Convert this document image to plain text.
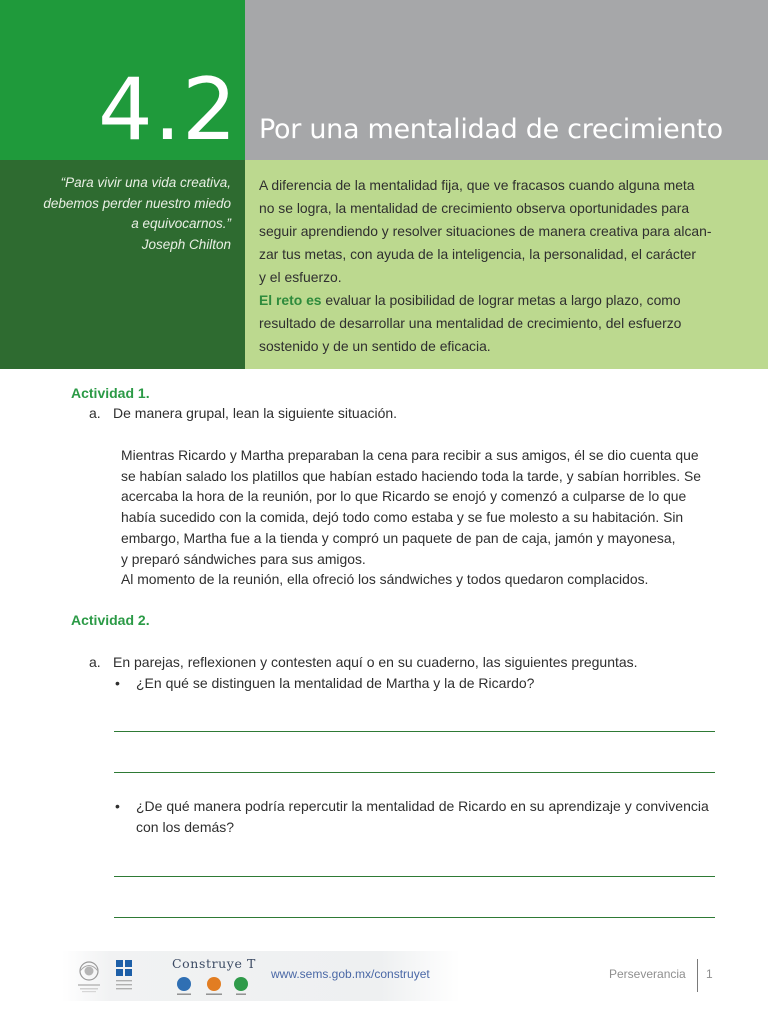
4.2 Por una mentalidad de crecimiento
“Para vivir una vida creativa,
debemos perder nuestro miedo
a equivocarnos.”
Joseph Chilton

A diferencia de la mentalidad fija, que ve fracasos cuando alguna meta

no se logra, la mentalidad de crecimiento observa oportunidades para

seguir aprendiendo y resolver situaciones de manera creativa para alcan-

zar tus metas, con ayuda de la inteligencia, la personalidad, el carácter

y el esfuerzo.

El reto es evaluar la posibilidad de lograr metas a largo plazo, como

resultado de desarrollar una mentalidad de crecimiento, del esfuerzo

sostenido y de un sentido de eficacia.

Actividad 1.
a. De manera grupal, lean la siguiente situación.
Mientras Ricardo y Martha preparaban la cena para recibir a sus amigos, él se dio cuenta que
se habían salado los platillos que habían estado haciendo toda la tarde, y sabían horribles. Se
acercaba la hora de la reunión, por lo que Ricardo se enojó y comenzó a culparse de lo que
había sucedido con la comida, dejó todo como estaba y se fue molesto a su habitación. Sin
embargo, Martha fue a la tienda y compró un paquete de pan de caja, jamón y mayonesa,
y preparó sándwiches para sus amigos.
Al momento de la reunión, ella ofreció los sándwiches y todos quedaron complacidos.
Actividad 2.
a. En parejas, reflexionen y contesten aquí o en su cuaderno, las siguientes preguntas.
• ¿En qué se distinguen la mentalidad de Martha y la de Ricardo?
• ¿De qué manera podría repercutir la mentalidad de Ricardo en su aprendizaje y convivencia
con los demás?
Construye T
www.sems.gob.mx/construyet	Perseverancia 1
